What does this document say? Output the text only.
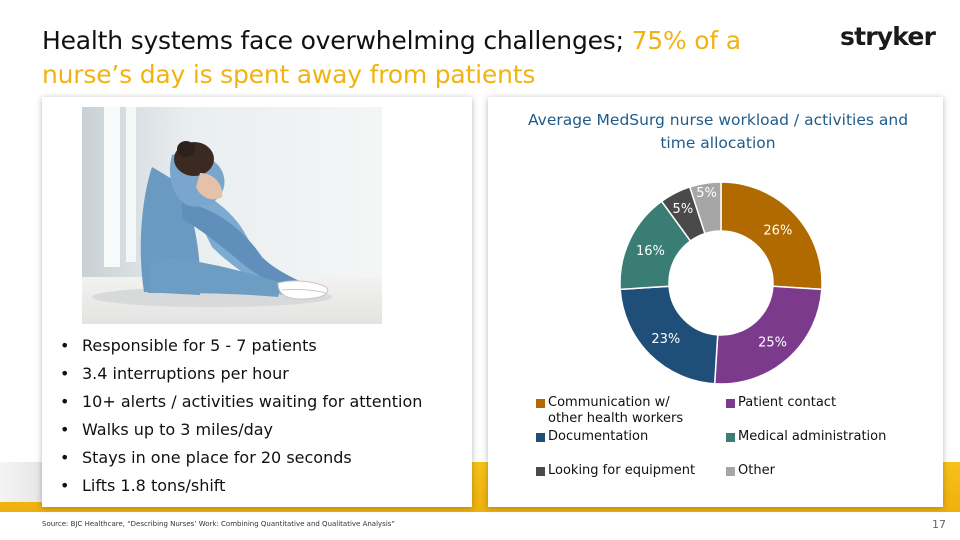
Health systems face overwhelming challenges; 75% of a nurse’s day is spent away from patients
stryker
• Responsible for 5 - 7 patients
• 3.4 interruptions per hour
• 10+ alerts / activities waiting for attention
• Walks up to 3 miles/day
• Stays in one place for 20 seconds
• Lifts 1.8 tons/shift
Average MedSurg nurse workload / activities and time allocation
26%
25%
23%
16%
5%
5%
Communication w/ other health workers
Patient contact
Documentation	Medical administration
Looking for equipment	Other
Source: BJC Healthcare, “Describing Nurses’ Work: Combining Quantitative and Qualitative Analysis”	17
